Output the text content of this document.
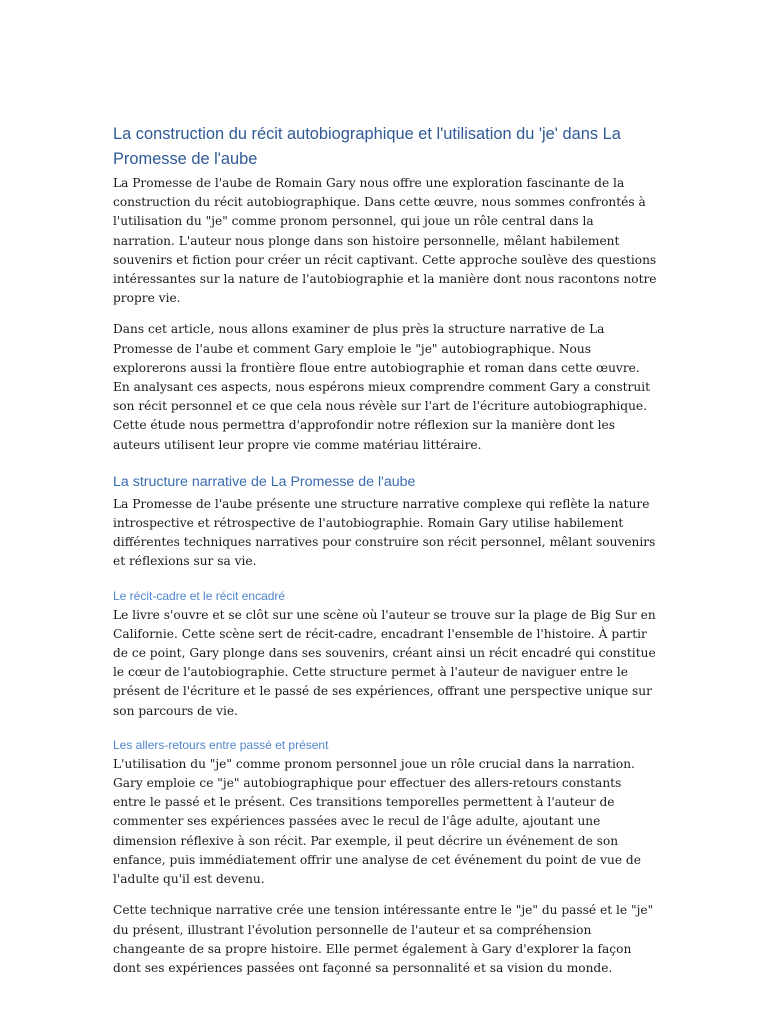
La construction du récit autobiographique et l'utilisation du 'je' dans La Promesse de l'aube

La Promesse de l'aube de Romain Gary nous offre une exploration fascinante de la construction du récit autobiographique. Dans cette œuvre, nous sommes confrontés à l'utilisation du "je" comme pronom personnel, qui joue un rôle central dans la narration. L'auteur nous plonge dans son histoire personnelle, mêlant habilement souvenirs et fiction pour créer un récit captivant. Cette approche soulève des questions intéressantes sur la nature de l'autobiographie et la manière dont nous racontons notre propre vie.

Dans cet article, nous allons examiner de plus près la structure narrative de La Promesse de l'aube et comment Gary emploie le "je" autobiographique. Nous explorerons aussi la frontière floue entre autobiographie et roman dans cette œuvre. En analysant ces aspects, nous espérons mieux comprendre comment Gary a construit son récit personnel et ce que cela nous révèle sur l'art de l'écriture autobiographique. Cette étude nous permettra d'approfondir notre réflexion sur la manière dont les auteurs utilisent leur propre vie comme matériau littéraire.

La structure narrative de La Promesse de l'aube

La Promesse de l'aube présente une structure narrative complexe qui reflète la nature introspective et rétrospective de l'autobiographie. Romain Gary utilise habilement différentes techniques narratives pour construire son récit personnel, mêlant souvenirs et réflexions sur sa vie.

Le récit-cadre et le récit encadré

Le livre s'ouvre et se clôt sur une scène où l'auteur se trouve sur la plage de Big Sur en Californie. Cette scène sert de récit-cadre, encadrant l'ensemble de l'histoire. À partir de ce point, Gary plonge dans ses souvenirs, créant ainsi un récit encadré qui constitue le cœur de l'autobiographie. Cette structure permet à l'auteur de naviguer entre le présent de l'écriture et le passé de ses expériences, offrant une perspective unique sur son parcours de vie.

Les allers-retours entre passé et présent

L'utilisation du "je" comme pronom personnel joue un rôle crucial dans la narration. Gary emploie ce "je" autobiographique pour effectuer des allers-retours constants entre le passé et le présent. Ces transitions temporelles permettent à l'auteur de commenter ses expériences passées avec le recul de l'âge adulte, ajoutant une dimension réflexive à son récit. Par exemple, il peut décrire un événement de son enfance, puis immédiatement offrir une analyse de cet événement du point de vue de l'adulte qu'il est devenu.

Cette technique narrative crée une tension intéressante entre le "je" du passé et le "je" du présent, illustrant l'évolution personnelle de l'auteur et sa compréhension changeante de sa propre histoire. Elle permet également à Gary d'explorer la façon dont ses expériences passées ont façonné sa personnalité et sa vision du monde.
